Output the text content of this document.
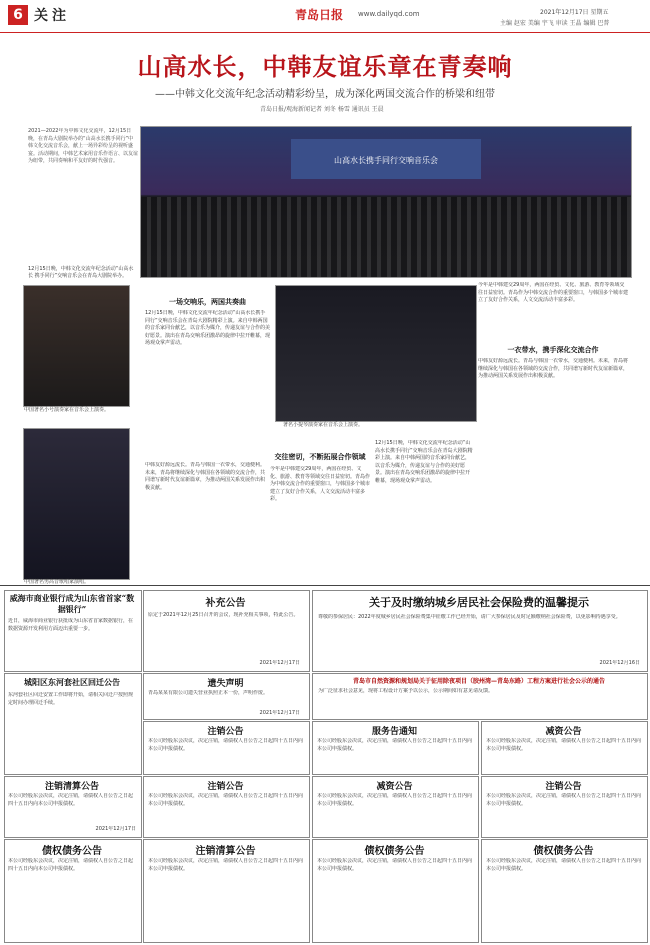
6 关注	青岛日报 www.dailyqd.com	2021年12月17日 星期五
主编 赵宏 美编 宇飞 审读 王晶 编辑 巴普
山高水长，中韩友谊乐章在青奏响
——中韩文化交流年纪念活动精彩纷呈，成为深化两国交流合作的桥梁和纽带
青岛日报/观海新闻记者 刘冬 杨雪 通讯员 王晨
2021—2022年为中韩文化交流年，12月15日晚，在青岛大剧院举办的“山高水长携手同行”中韩文化交流音乐会，献上一场异彩纷呈的视听盛宴。活动期间，中韩艺术家用音乐作语言、以友谊为纽带，共同奏响和平友好的时代强音。	山高水长携手同行交响音乐会
12月15日晚，中韩文化交流年纪念活动“山高水长 携手同行”交响音乐会在青岛大剧院举办。
中国著名小号演奏家在音乐会上演奏。
中国著名男高音歌唱家演唱。
一场交响乐，两国共奏曲
12月15日晚，中韩文化交流年纪念活动“山高水长携手同行”交响音乐会在青岛大剧院精彩上演。来自中韩两国的音乐家同台献艺，以音乐为媒介，传递友谊与合作的美好愿景。演出在青岛交响乐团激昂的旋律中拉开帷幕，现场观众掌声雷动。
著名小提琴演奏家在音乐会上演奏。
今年是中韩建交29周年，两国在经贸、文化、旅游、教育等领域交往日益密切。青岛作为中韩交流合作的重要窗口，与韩国多个城市建立了友好合作关系，人文交流活动丰富多彩。
一衣带水，携手深化交流合作
中韩友好源远流长。青岛与韩国一衣带水，交通便利。未来，青岛将继续深化与韩国在各领域的交流合作，共同谱写新时代友谊新篇章，为推动两国关系发展作出积极贡献。
交往密切，不断拓展合作领域
今年是中韩建交29周年，两国在经贸、文化、旅游、教育等领域交往日益密切。青岛作为中韩交流合作的重要窗口，与韩国多个城市建立了友好合作关系，人文交流活动丰富多彩。
12月15日晚，中韩文化交流年纪念活动“山高水长携手同行”交响音乐会在青岛大剧院精彩上演。来自中韩两国的音乐家同台献艺，以音乐为媒介，传递友谊与合作的美好愿景。演出在青岛交响乐团激昂的旋律中拉开帷幕，现场观众掌声雷动。
中韩友好源远流长。青岛与韩国一衣带水，交通便利。未来，青岛将继续深化与韩国在各领域的交流合作，共同谱写新时代友谊新篇章，为推动两国关系发展作出积极贡献。
威海市商业银行成为山东省首家“数据银行”
近日，威海市商业银行获批成为山东省首家数据银行，在数据资源开发利用方面迈出重要一步。
补充公告
原定于2021年12月25日召开的会议，现补充相关事项，特此公告。
2021年12月17日
关于及时缴纳城乡居民社会保险费的温馨提示
尊敬的参保居民：2022年度城乡居民社会保险费集中征缴工作已经开始，请广大参保居民及时足额缴纳社会保险费，以免影响待遇享受。
2021年12月16日
遗失声明
青岛某某有限公司遗失营业执照正本一份，声明作废。
2021年12月17日
城阳区东河套社区回迁公告
东河套社区回迁安置工作即将开始，请相关回迁户按照规定时间办理回迁手续。
青岛市自然资源和规划局关于征用除夜项目（胶州湾—青岛东路）工程方案进行社会公示的通告
为广泛征求社会意见，现将工程设计方案予以公示，公示期间如有意见请反馈。
注销公告
本公司经股东会决议，决定注销，请债权人自公告之日起四十五日内向本公司申报债权。
服务告通知
本公司经股东会决议，决定注销，请债权人自公告之日起四十五日内向本公司申报债权。
减资公告
本公司经股东会决议，决定注销，请债权人自公告之日起四十五日内向本公司申报债权。
注销清算公告
本公司经股东会决议，决定注销，请债权人自公告之日起四十五日内向本公司申报债权。
2021年12月17日
注销公告
本公司经股东会决议，决定注销，请债权人自公告之日起四十五日内向本公司申报债权。
减资公告
本公司经股东会决议，决定注销，请债权人自公告之日起四十五日内向本公司申报债权。
注销公告
本公司经股东会决议，决定注销，请债权人自公告之日起四十五日内向本公司申报债权。
债权债务公告
本公司经股东会决议，决定注销，请债权人自公告之日起四十五日内向本公司申报债权。
注销清算公告
本公司经股东会决议，决定注销，请债权人自公告之日起四十五日内向本公司申报债权。
债权债务公告
本公司经股东会决议，决定注销，请债权人自公告之日起四十五日内向本公司申报债权。
债权债务公告
本公司经股东会决议，决定注销，请债权人自公告之日起四十五日内向本公司申报债权。
